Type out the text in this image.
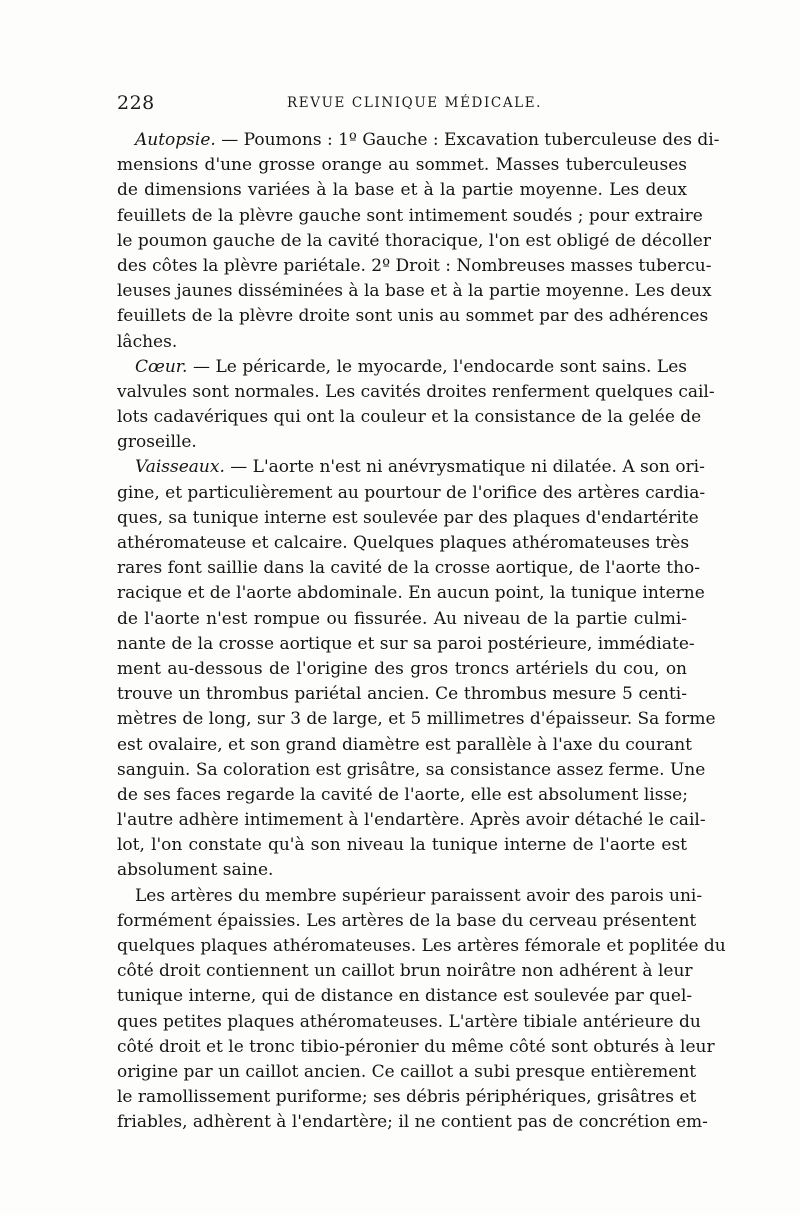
228	REVUE CLINIQUE MÉDICALE.
Autopsie. — Poumons : 1º Gauche : Excavation tuberculeuse des di-
mensions d'une grosse orange au sommet. Masses tuberculeuses
de dimensions variées à la base et à la partie moyenne. Les deux
feuillets de la plèvre gauche sont intimement soudés ; pour extraire
le poumon gauche de la cavité thoracique, l'on est obligé de décoller
des côtes la plèvre pariétale. 2º Droit : Nombreuses masses tubercu-
leuses jaunes disséminées à la base et à la partie moyenne. Les deux
feuillets de la plèvre droite sont unis au sommet par des adhérences
lâches.
Cœur. — Le péricarde, le myocarde, l'endocarde sont sains. Les
valvules sont normales. Les cavités droites renferment quelques cail-
lots cadavériques qui ont la couleur et la consistance de la gelée de
groseille.
Vaisseaux. — L'aorte n'est ni anévrysmatique ni dilatée. A son ori-
gine, et particulièrement au pourtour de l'orifice des artères cardia-
ques, sa tunique interne est soulevée par des plaques d'endartérite
athéromateuse et calcaire. Quelques plaques athéromateuses très
rares font saillie dans la cavité de la crosse aortique, de l'aorte tho-
racique et de l'aorte abdominale. En aucun point, la tunique interne
de l'aorte n'est rompue ou fissurée. Au niveau de la partie culmi-
nante de la crosse aortique et sur sa paroi postérieure, immédiate-
ment au-dessous de l'origine des gros troncs artériels du cou, on
trouve un thrombus pariétal ancien. Ce thrombus mesure 5 centi-
mètres de long, sur 3 de large, et 5 millimetres d'épaisseur. Sa forme
est ovalaire, et son grand diamètre est parallèle à l'axe du courant
sanguin. Sa coloration est grisâtre, sa consistance assez ferme. Une
de ses faces regarde la cavité de l'aorte, elle est absolument lisse;
l'autre adhère intimement à l'endartère. Après avoir détaché le cail-
lot, l'on constate qu'à son niveau la tunique interne de l'aorte est
absolument saine.
Les artères du membre supérieur paraissent avoir des parois uni-
formément épaissies. Les artères de la base du cerveau présentent
quelques plaques athéromateuses. Les artères fémorale et poplitée du
côté droit contiennent un caillot brun noirâtre non adhérent à leur
tunique interne, qui de distance en distance est soulevée par quel-
ques petites plaques athéromateuses. L'artère tibiale antérieure du
côté droit et le tronc tibio-péronier du même côté sont obturés à leur
origine par un caillot ancien. Ce caillot a subi presque entièrement
le ramollissement puriforme; ses débris périphériques, grisâtres et
friables, adhèrent à l'endartère; il ne contient pas de concrétion em-
